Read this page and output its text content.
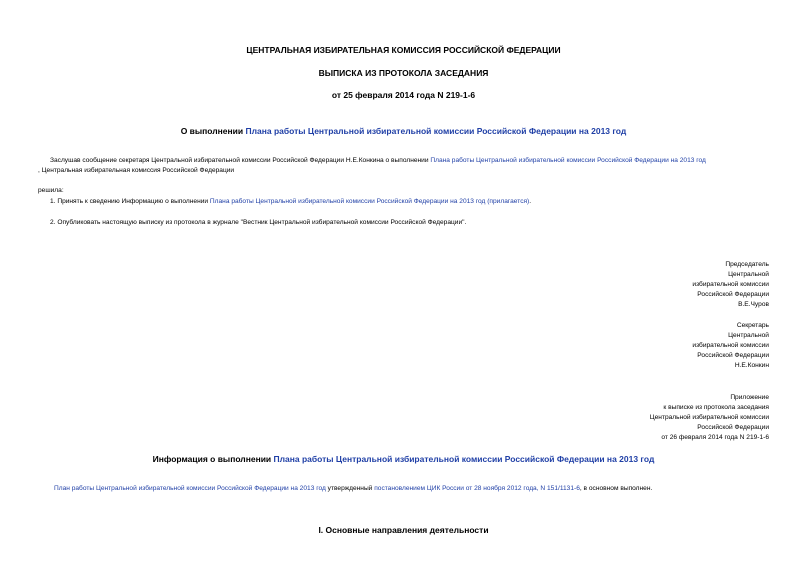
ЦЕНТРАЛЬНАЯ ИЗБИРАТЕЛЬНАЯ КОМИССИЯ РОССИЙСКОЙ ФЕДЕРАЦИИ
ВЫПИСКА ИЗ ПРОТОКОЛА ЗАСЕДАНИЯ
от 25 февраля 2014 года N 219-1-6
О выполнении Плана работы Центральной избирательной комиссии Российской Федерации на 2013 год
Заслушав сообщение секретаря Центральной избирательной комиссии Российской Федерации Н.Е.Конкина о выполнении Плана работы Центральной избирательной комиссии Российской Федерации на 2013 год
, Центральная избирательная комиссия Российской Федерации
решила:
1. Принять к сведению Информацию о выполнении Плана работы Центральной избирательной комиссии Российской Федерации на 2013 год (прилагается).
2. Опубликовать настоящую выписку из протокола в журнале "Вестник Центральной избирательной комиссии Российской Федерации".
Председатель
Центральной
избирательной комиссии
Российской Федерации
В.Е.Чуров
Секретарь
Центральной
избирательной комиссии
Российской Федерации
Н.Е.Конкин
Приложение
к выписке из протокола заседания
Центральной избирательной комиссии
Российской Федерации
от 26 февраля 2014 года N 219-1-6
Информация о выполнении Плана работы Центральной избирательной комиссии Российской Федерации на 2013 год
План работы Центральной избирательной комиссии Российской Федерации на 2013 год утвержденный постановлением ЦИК России от 28 ноября 2012 года, N 151/1131-6, в основном выполнен.
I. Основные направления деятельности
